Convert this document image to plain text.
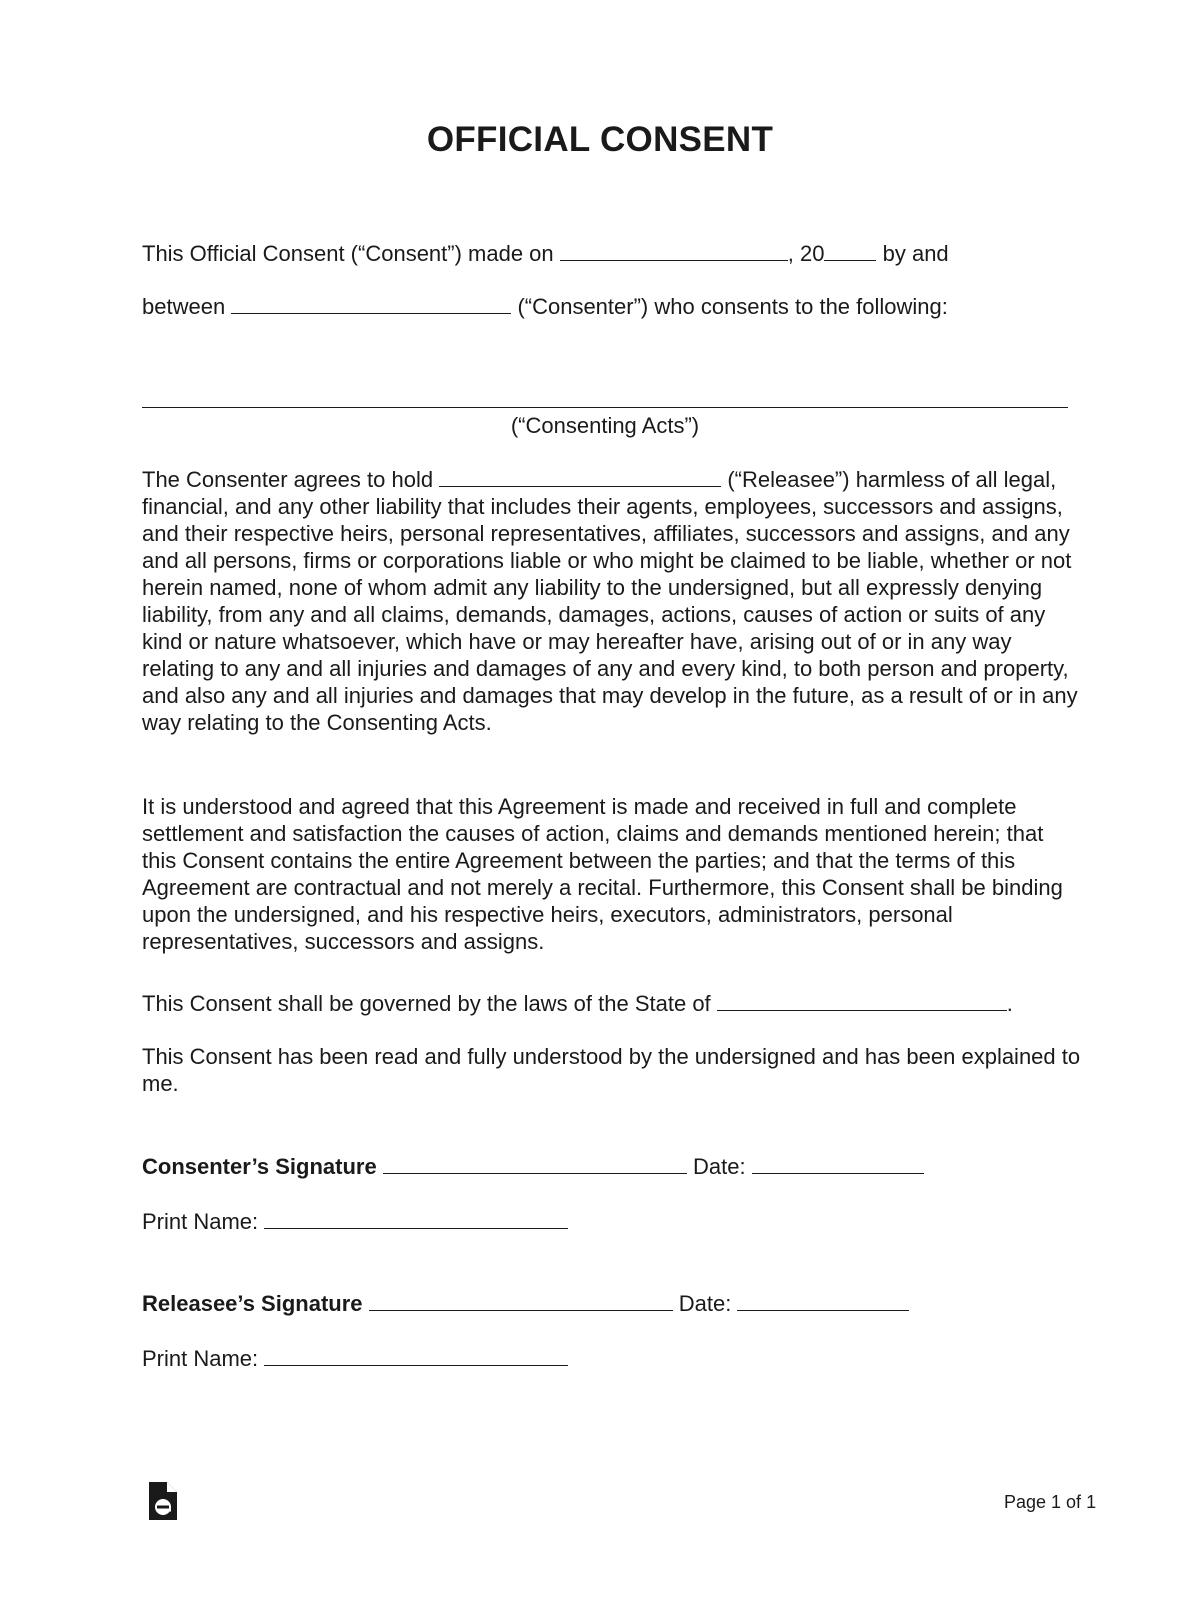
OFFICIAL CONSENT
This Official Consent (“Consent”) made on	, 20	by and
between	(“Consenter”) who consents to the following:
(“Consenting Acts”)
The Consenter agrees to hold	(“Releasee”) harmless of all legal, financial, and any other liability that includes their agents, employees, successors and assigns, and their respective heirs, personal representatives, affiliates, successors and assigns, and any and all persons, firms or corporations liable or who might be claimed to be liable, whether or not herein named, none of whom admit any liability to the undersigned, but all expressly denying liability, from any and all claims, demands, damages, actions, causes of action or suits of any kind or nature whatsoever, which have or may hereafter have, arising out of or in any way relating to any and all injuries and damages of any and every kind, to both person and property, and also any and all injuries and damages that may develop in the future, as a result of or in any way relating to the Consenting Acts.
It is understood and agreed that this Agreement is made and received in full and complete settlement and satisfaction the causes of action, claims and demands mentioned herein; that this Consent contains the entire Agreement between the parties; and that the terms of this Agreement are contractual and not merely a recital. Furthermore, this Consent shall be binding upon the undersigned, and his respective heirs, executors, administrators, personal representatives, successors and assigns.
This Consent shall be governed by the laws of the State of	.
This Consent has been read and fully understood by the undersigned and has been explained to me.
Consenter’s Signature	Date:
Print Name:
Releasee’s Signature	Date:
Print Name:
Page 1 of 1
